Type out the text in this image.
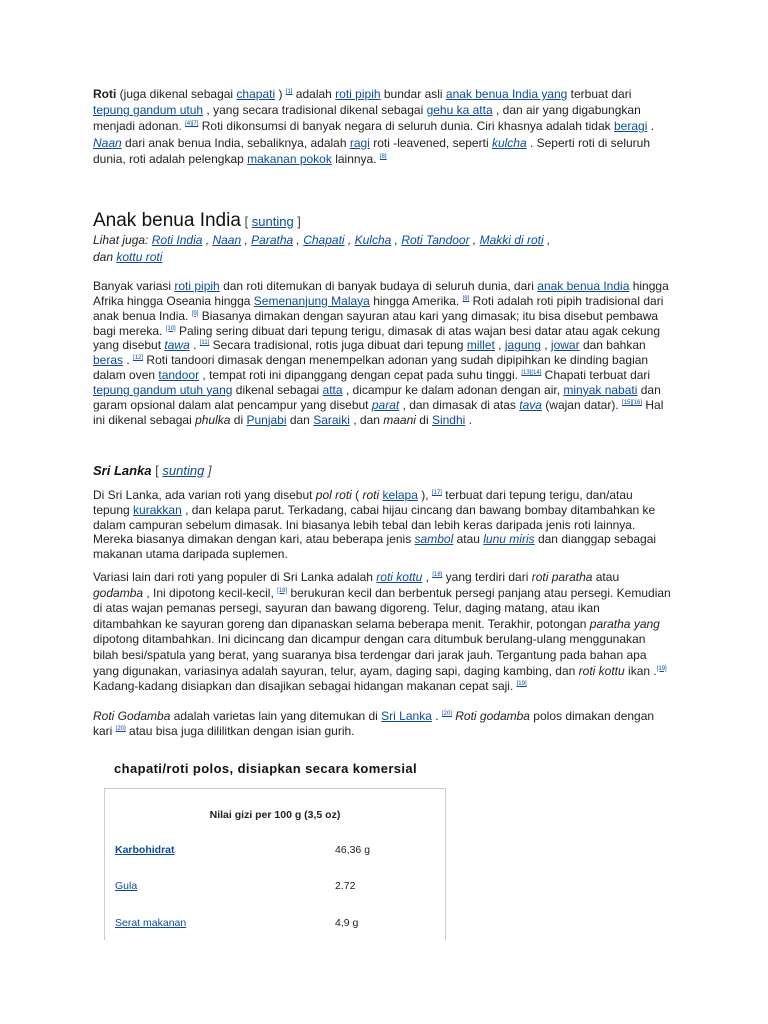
Roti (juga dikenal sebagai chapati ) [1] adalah roti pipih bundar asli anak benua India yang terbuat dari tepung gandum utuh , yang secara tradisional dikenal sebagai gehu ka atta , dan air yang digabungkan menjadi adonan. [4][7] Roti dikonsumsi di banyak negara di seluruh dunia. Ciri khasnya adalah tidak beragi . Naan dari anak benua India, sebaliknya, adalah ragi roti -leavened, seperti kulcha . Seperti roti di seluruh dunia, roti adalah pelengkap makanan pokok lainnya. [8]

Anak benua India [ sunting ]
Lihat juga: Roti India , Naan , Paratha , Chapati , Kulcha , Roti Tandoor , Makki di roti ,
dan kottu roti

Banyak variasi roti pipih dan roti ditemukan di banyak budaya di seluruh dunia, dari anak benua India hingga Afrika hingga Oseania hingga Semenanjung Malaya hingga Amerika. [9] Roti adalah roti pipih tradisional dari anak benua India. [9] Biasanya dimakan dengan sayuran atau kari yang dimasak; itu bisa disebut pembawa bagi mereka. [10] Paling sering dibuat dari tepung terigu, dimasak di atas wajan besi datar atau agak cekung yang disebut tawa . [11] Secara tradisional, rotis juga dibuat dari tepung millet , jagung , jowar dan bahkan beras . [12] Roti tandoori dimasak dengan menempelkan adonan yang sudah dipipihkan ke dinding bagian dalam oven tandoor , tempat roti ini dipanggang dengan cepat pada suhu tinggi. [13][14] Chapati terbuat dari tepung gandum utuh yang dikenal sebagai atta , dicampur ke dalam adonan dengan air, minyak nabati dan garam opsional dalam alat pencampur yang disebut parat , dan dimasak di atas tava (wajan datar). [15][16] Hal ini dikenal sebagai phulka di Punjabi dan Saraiki , dan maani di Sindhi .

Sri Lanka [ sunting ]

Di Sri Lanka, ada varian roti yang disebut pol roti ( roti kelapa ), [17] terbuat dari tepung terigu, dan/atau tepung kurakkan , dan kelapa parut. Terkadang, cabai hijau cincang dan bawang bombay ditambahkan ke dalam campuran sebelum dimasak. Ini biasanya lebih tebal dan lebih keras daripada jenis roti lainnya. Mereka biasanya dimakan dengan kari, atau beberapa jenis sambol atau lunu miris dan dianggap sebagai makanan utama daripada suplemen.

Variasi lain dari roti yang populer di Sri Lanka adalah roti kottu , [18] yang terdiri dari roti paratha atau godamba , Ini dipotong kecil-kecil, [18] berukuran kecil dan berbentuk persegi panjang atau persegi. Kemudian di atas wajan pemanas persegi, sayuran dan bawang digoreng. Telur, daging matang, atau ikan ditambahkan ke sayuran goreng dan dipanaskan selama beberapa menit. Terakhir, potongan paratha yang dipotong ditambahkan. Ini dicincang dan dicampur dengan cara ditumbuk berulang-ulang menggunakan bilah besi/spatula yang berat, yang suaranya bisa terdengar dari jarak jauh. Tergantung pada bahan apa yang digunakan, variasinya adalah sayuran, telur, ayam, daging sapi, daging kambing, dan roti kottu ikan .[19] Kadang-kadang disiapkan dan disajikan sebagai hidangan makanan cepat saji. [19]

Roti Godamba adalah varietas lain yang ditemukan di Sri Lanka . [20] Roti godamba polos dimakan dengan kari [20] atau bisa juga dililitkan dengan isian gurih.

chapati/roti polos, disiapkan secara komersial
Nilai gizi per 100 g (3,5 oz)
Karbohidrat	46,36 g
Gula	2.72
Serat makanan	4,9 g
